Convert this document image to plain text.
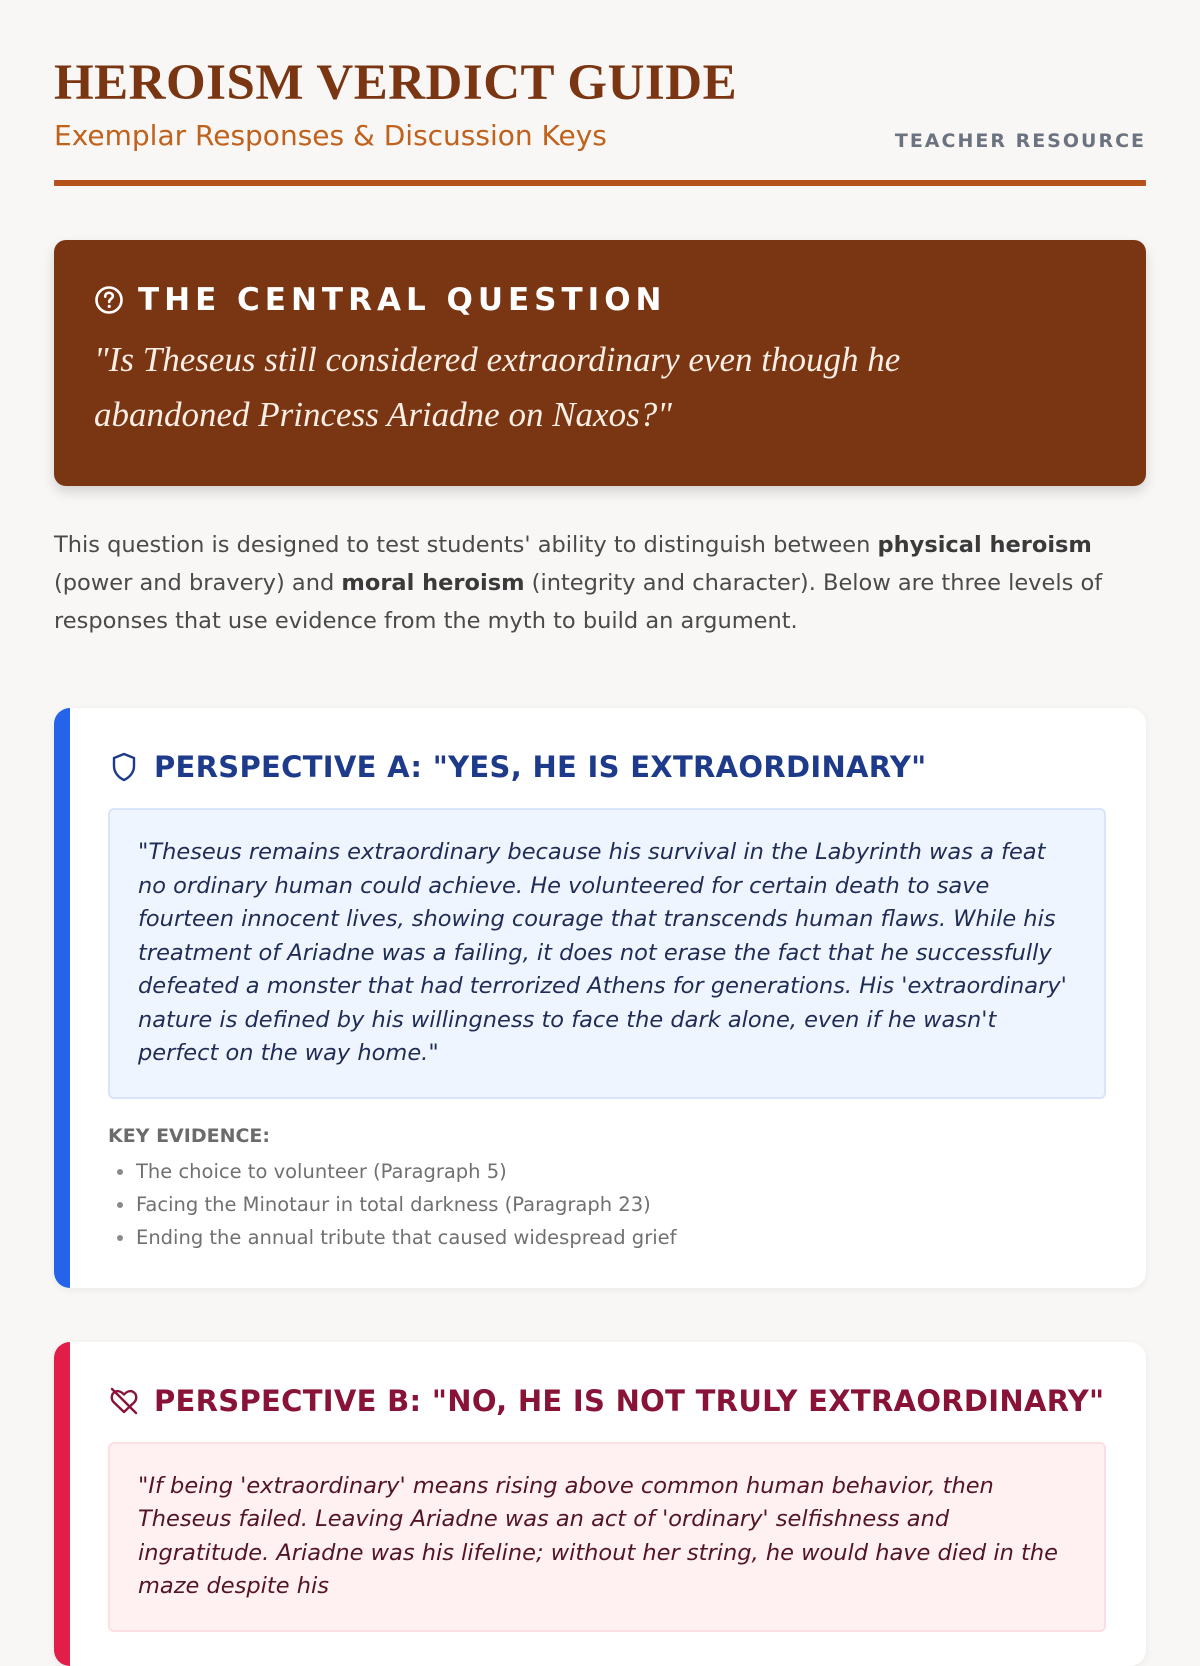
HEROISM VERDICT GUIDE
Exemplar Responses & Discussion Keys	TEACHER RESOURCE
THE CENTRAL QUESTION
"Is Theseus still considered extraordinary even though he abandoned Princess Ariadne on Naxos?"

This question is designed to test students' ability to distinguish between physical heroism (power and bravery) and moral heroism (integrity and character). Below are three levels of responses that use evidence from the myth to build an argument.

PERSPECTIVE A: "YES, HE IS EXTRAORDINARY"
"Theseus remains extraordinary because his survival in the Labyrinth was a feat no ordinary human could achieve. He volunteered for certain death to save fourteen innocent lives, showing courage that transcends human flaws. While his treatment of Ariadne was a failing, it does not erase the fact that he successfully defeated a monster that had terrorized Athens for generations. His 'extraordinary' nature is defined by his willingness to face the dark alone, even if he wasn't perfect on the way home."
KEY EVIDENCE:
• The choice to volunteer (Paragraph 5)
• Facing the Minotaur in total darkness (Paragraph 23)
• Ending the annual tribute that caused widespread grief
PERSPECTIVE B: "NO, HE IS NOT TRULY EXTRAORDINARY"
"If being 'extraordinary' means rising above common human behavior, then Theseus failed. Leaving Ariadne was an act of 'ordinary' selfishness and ingratitude. Ariadne was his lifeline; without her string, he would have died in the maze despite his
